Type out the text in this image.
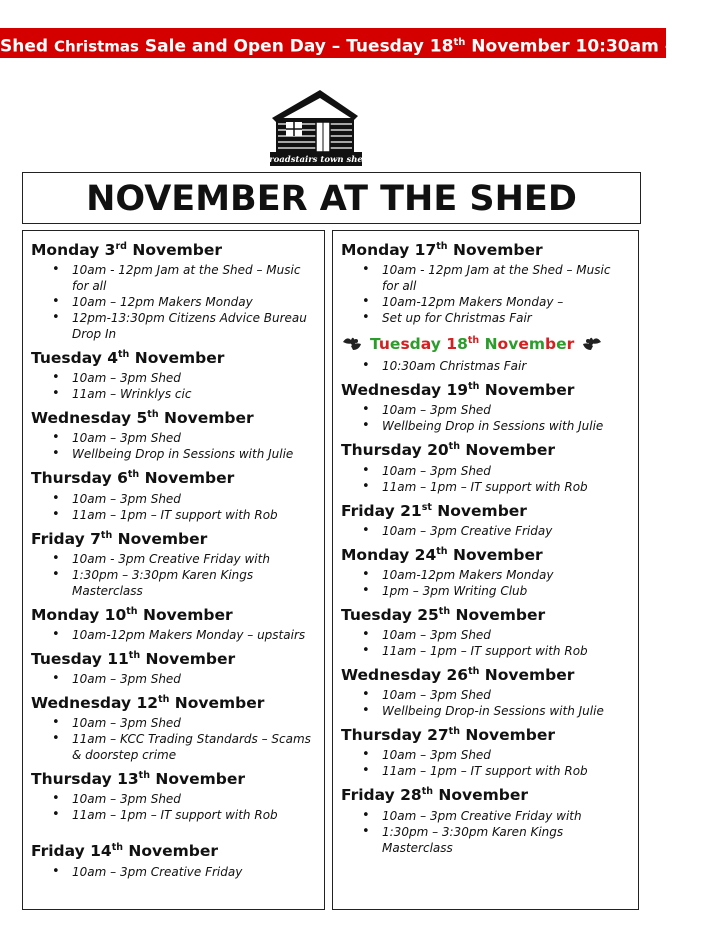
Shed Christmas Sale and Open Day – Tuesday 18th November 10:30am –1pm
broadstairs town shed
NOVEMBER AT THE SHED

Monday 3rd November

• 10am - 12pm Jam at the Shed – Music for all
• 10am – 12pm Makers Monday
• 12pm-13:30pm Citizens Advice Bureau Drop In

Tuesday 4th November

• 10am – 3pm Shed
• 11am – Wrinklys cic

Wednesday 5th November

• 10am – 3pm Shed
• Wellbeing Drop in Sessions with Julie

Thursday 6th November

• 10am – 3pm Shed
• 11am – 1pm – IT support with Rob

Friday 7th November

• 10am - 3pm Creative Friday with
• 1:30pm – 3:30pm Karen Kings Masterclass

Monday 10th November

• 10am-12pm Makers Monday – upstairs

Tuesday 11th November

• 10am – 3pm Shed

Wednesday 12th November

• 10am – 3pm Shed
• 11am – KCC Trading Standards – Scams & doorstep crime

Thursday 13th November

• 10am – 3pm Shed
• 11am – 1pm – IT support with Rob

Friday 14th November

• 10am – 3pm Creative Friday

Monday 17th November

• 10am - 12pm Jam at the Shed – Music for all
• 10am-12pm Makers Monday –
• Set up for Christmas Fair

Tuesday 18th November

• 10:30am Christmas Fair

Wednesday 19th November

• 10am – 3pm Shed
• Wellbeing Drop in Sessions with Julie

Thursday 20th November

• 10am – 3pm Shed
• 11am – 1pm – IT support with Rob

Friday 21st November

• 10am – 3pm Creative Friday

Monday 24th November

• 10am-12pm Makers Monday
• 1pm – 3pm Writing Club

Tuesday 25th November

• 10am – 3pm Shed
• 11am – 1pm – IT support with Rob

Wednesday 26th November

• 10am – 3pm Shed
• Wellbeing Drop-in Sessions with Julie

Thursday 27th November

• 10am – 3pm Shed
• 11am – 1pm – IT support with Rob

Friday 28th November

• 10am – 3pm Creative Friday with
• 1:30pm – 3:30pm Karen Kings Masterclass
